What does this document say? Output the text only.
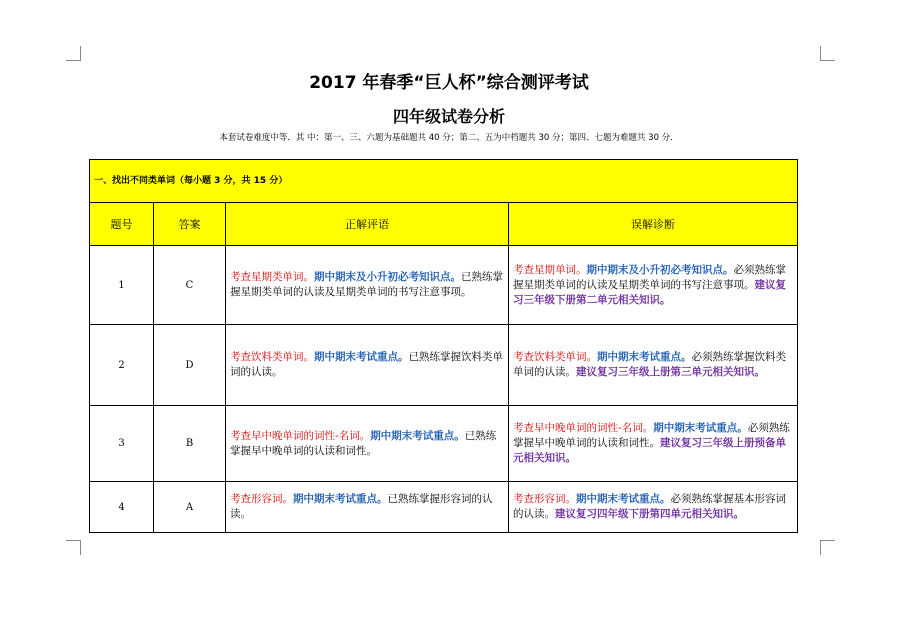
2017 年春季“巨人杯”综合测评考试
四年级试卷分析
本套试卷难度中等．其 中：第一、三、六题为基础题共 40 分；第二、五为中档题共 30 分；第四、七题为难题共 30 分．
一、找出不同类单词（每小题 3 分，共 15 分）			
题号	答案	正解评语	误解诊断
1	C	考查星期类单词。期中期末及小升初必考知识点。已熟练掌握星期类单词的认读及星期类单词的书写注意事项。	考查星期单词。期中期末及小升初必考知识点。必须熟练掌握星期类单词的认读及星期类单词的书写注意事项。建议复习三年级下册第二单元相关知识。
2	D	考查饮料类单词。期中期末考试重点。已熟练掌握饮料类单词的认读。	考查饮料类单词。期中期末考试重点。必须熟练掌握饮料类单词的认读。建议复习三年级上册第三单元相关知识。
3	B	考查早中晚单词的词性-名词。期中期末考试重点。已熟练掌握早中晚单词的认读和词性。	考查早中晚单词的词性-名词。期中期末考试重点。必须熟练掌握早中晚单词的认读和词性。建议复习三年级上册预备单元相关知识。
4	A	考查形容词。期中期末考试重点。已熟练掌握形容词的认读。	考查形容词。期中期末考试重点。必须熟练掌握基本形容词的认读。建议复习四年级下册第四单元相关知识。
